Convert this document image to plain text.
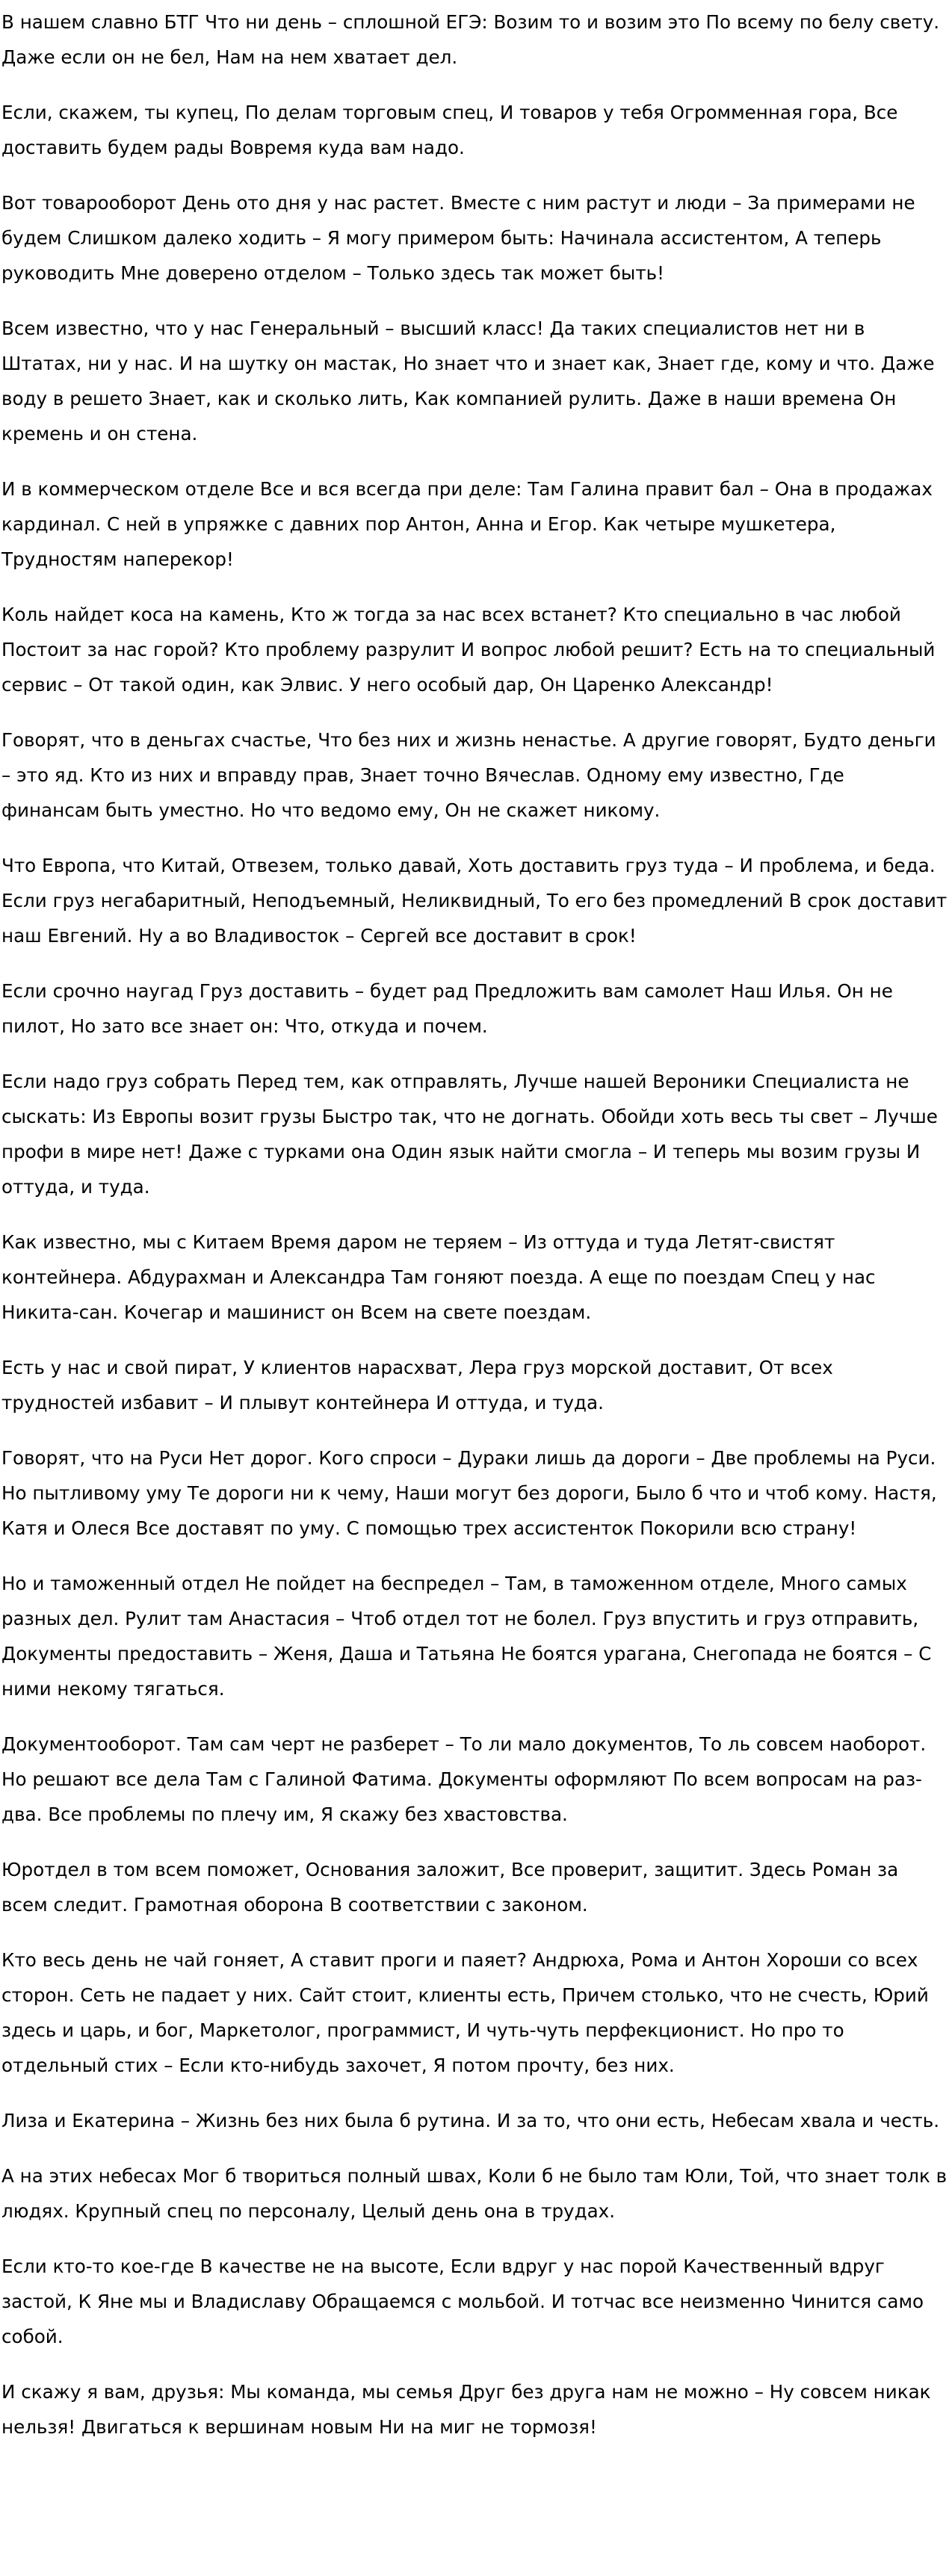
В нашем славно БТГ Что ни день – сплошной ЕГЭ: Возим то и возим это По всему по белу свету. Даже если он не бел, Нам на нем хватает дел.

Если, скажем, ты купец, По делам торговым спец, И товаров у тебя Огромменная гора, Все доставить будем рады Вовремя куда вам надо.

Вот товарооборот День ото дня у нас растет. Вместе с ним растут и люди – За примерами не будем Слишком далеко ходить – Я могу примером быть: Начинала ассистентом, А теперь руководить Мне доверено отделом – Только здесь так может быть!

Всем известно, что у нас Генеральный – высший класс! Да таких специалистов нет ни в Штатах, ни у нас. И на шутку он мастак, Но знает что и знает как, Знает где, кому и что. Даже воду в решето Знает, как и сколько лить, Как компанией рулить. Даже в наши времена Он кремень и он стена.

И в коммерческом отделе Все и вся всегда при деле: Там Галина правит бал – Она в продажах кардинал. С ней в упряжке с давних пор Антон, Анна и Егор. Как четыре мушкетера, Трудностям наперекор!

Коль найдет коса на камень, Кто ж тогда за нас всех встанет? Кто специально в час любой Постоит за нас горой? Кто проблему разрулит И вопрос любой решит? Есть на то специальный сервис – От такой один, как Элвис. У него особый дар, Он Царенко Александр!

Говорят, что в деньгах счастье, Что без них и жизнь ненастье. А другие говорят, Будто деньги – это яд. Кто из них и вправду прав, Знает точно Вячеслав. Одному ему известно, Где финансам быть уместно. Но что ведомо ему, Он не скажет никому.

Что Европа, что Китай, Отвезем, только давай, Хоть доставить груз туда – И проблема, и беда. Если груз негабаритный, Неподъемный, Неликвидный, То его без промедлений В срок доставит наш Евгений. Ну а во Владивосток – Сергей все доставит в срок!

Если срочно наугад Груз доставить – будет рад Предложить вам самолет Наш Илья. Он не пилот, Но зато все знает он: Что, откуда и почем.

Если надо груз собрать Перед тем, как отправлять, Лучше нашей Вероники Специалиста не сыскать: Из Европы возит грузы Быстро так, что не догнать. Обойди хоть весь ты свет – Лучше профи в мире нет! Даже с турками она Один язык найти смогла – И теперь мы возим грузы И оттуда, и туда.

Как известно, мы с Китаем Время даром не теряем – Из оттуда и туда Летят-свистят контейнера. Абдурахман и Александра Там гоняют поезда. А еще по поездам Спец у нас Никита-сан. Кочегар и машинист он Всем на свете поездам.

Есть у нас и свой пират, У клиентов нарасхват, Лера груз морской доставит, От всех трудностей избавит – И плывут контейнера И оттуда, и туда.

Говорят, что на Руси Нет дорог. Кого спроси – Дураки лишь да дороги – Две проблемы на Руси. Но пытливому уму Те дороги ни к чему, Наши могут без дороги, Было б что и чтоб кому. Настя, Катя и Олеся Все доставят по уму. С помощью трех ассистенток Покорили всю страну!

Но и таможенный отдел Не пойдет на беспредел – Там, в таможенном отделе, Много самых разных дел. Рулит там Анастасия – Чтоб отдел тот не болел. Груз впустить и груз отправить, Документы предоставить – Женя, Даша и Татьяна Не боятся урагана, Снегопада не боятся – С ними некому тягаться.

Документооборот. Там сам черт не разберет – То ли мало документов, То ль совсем наоборот. Но решают все дела Там с Галиной Фатима. Документы оформляют По всем вопросам на раз-два. Все проблемы по плечу им, Я скажу без хвастовства.

Юротдел в том всем поможет, Основания заложит, Все проверит, защитит. Здесь Роман за всем следит. Грамотная оборона В соответствии с законом.

Кто весь день не чай гоняет, А ставит проги и паяет? Андрюха, Рома и Антон Хороши со всех сторон. Сеть не падает у них. Сайт стоит, клиенты есть, Причем столько, что не счесть, Юрий здесь и царь, и бог, Маркетолог, программист, И чуть-чуть перфекционист. Но про то отдельный стих – Если кто-нибудь захочет, Я потом прочту, без них.

Лиза и Екатерина – Жизнь без них была б рутина. И за то, что они есть, Небесам хвала и честь.

А на этих небесах Мог б твориться полный швах, Коли б не было там Юли, Той, что знает толк в людях. Крупный спец по персоналу, Целый день она в трудах.

Если кто-то кое-где В качестве не на высоте, Если вдруг у нас порой Качественный вдруг застой, К Яне мы и Владиславу Обращаемся с мольбой. И тотчас все неизменно Чинится само собой.

И скажу я вам, друзья: Мы команда, мы семья Друг без друга нам не можно – Ну совсем никак нельзя! Двигаться к вершинам новым Ни на миг не тормозя!
